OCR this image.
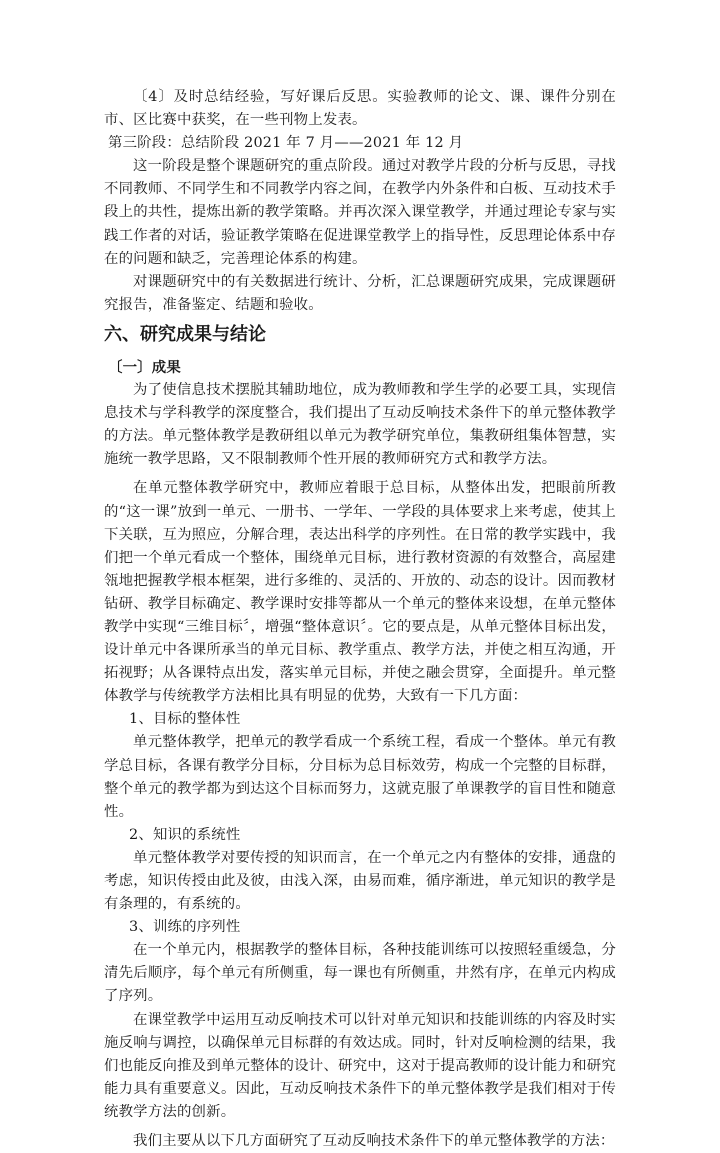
〔4〕及时总结经验，写好课后反思。实验教师的论文、课、课件分别在市、区比赛中获奖，在一些刊物上发表。

第三阶段：总结阶段 2021 年 7 月——2021 年 12 月

这一阶段是整个课题研究的重点阶段。通过对教学片段的分析与反思，寻找不同教师、不同学生和不同教学内容之间，在教学内外条件和白板、互动技术手段上的共性，提炼出新的教学策略。并再次深入课堂教学，并通过理论专家与实践工作者的对话，验证教学策略在促进课堂教学上的指导性，反思理论体系中存在的问题和缺乏，完善理论体系的构建。

对课题研究中的有关数据进行统计、分析，汇总课题研究成果，完成课题研究报告，准备鉴定、结题和验收。

六、研究成果与结论

〔一〕成果

为了使信息技术摆脱其辅助地位，成为教师教和学生学的必要工具，实现信息技术与学科教学的深度整合，我们提出了互动反响技术条件下的单元整体教学的方法。单元整体教学是教研组以单元为教学研究单位，集教研组集体智慧，实施统一教学思路，又不限制教师个性开展的教师研究方式和教学方法。

在单元整体教学研究中，教师应着眼于总目标，从整体出发，把眼前所教的“这一课”放到一单元、一册书、一学年、一学段的具体要求上来考虑，使其上下关联，互为照应，分解合理，表达出科学的序列性。在日常的教学实践中，我们把一个单元看成一个整体，围绕单元目标，进行教材资源的有效整合，高屋建瓴地把握教学根本框架，进行多维的、灵活的、开放的、动态的设计。因而教材钻研、教学目标确定、教学课时安排等都从一个单元的整体来设想，在单元整体教学中实现“三维目标〞，增强“整体意识〞。它的要点是，从单元整体目标出发，设计单元中各课所承当的单元目标、教学重点、教学方法，并使之相互沟通，开拓视野；从各课特点出发，落实单元目标，并使之融会贯穿，全面提升。单元整体教学与传统教学方法相比具有明显的优势，大致有一下几方面：

1、目标的整体性

单元整体教学，把单元的教学看成一个系统工程，看成一个整体。单元有教学总目标，各课有教学分目标，分目标为总目标效劳，构成一个完整的目标群，整个单元的教学都为到达这个目标而努力，这就克服了单课教学的盲目性和随意性。

2、知识的系统性

单元整体教学对要传授的知识而言，在一个单元之内有整体的安排，通盘的考虑，知识传授由此及彼，由浅入深，由易而难，循序渐进，单元知识的教学是有条理的，有系统的。

3、训练的序列性

在一个单元内，根据教学的整体目标，各种技能训练可以按照轻重缓急，分清先后顺序，每个单元有所侧重，每一课也有所侧重，井然有序，在单元内构成了序列。

在课堂教学中运用互动反响技术可以针对单元知识和技能训练的内容及时实施反响与调控，以确保单元目标群的有效达成。同时，针对反响检测的结果，我们也能反向推及到单元整体的设计、研究中，这对于提高教师的设计能力和研究能力具有重要意义。因此，互动反响技术条件下的单元整体教学是我们相对于传统教学方法的创新。

我们主要从以下几方面研究了互动反响技术条件下的单元整体教学的方法：
